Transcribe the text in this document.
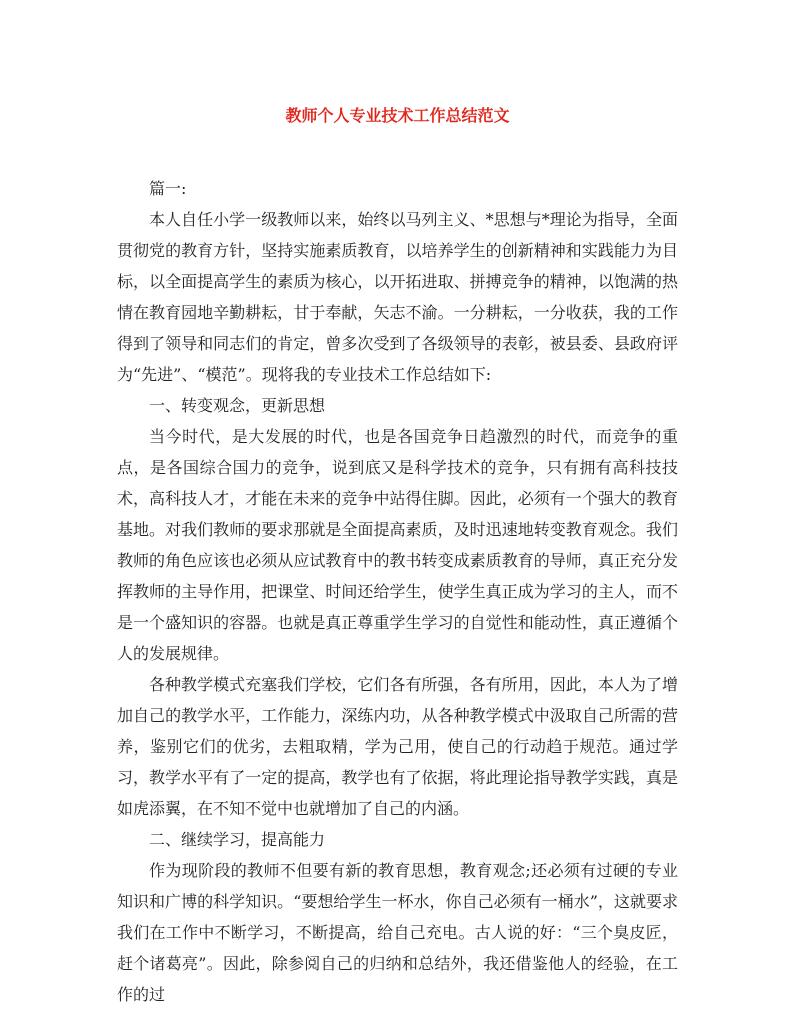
教师个人专业技术工作总结范文

篇一:

本人自任小学一级教师以来，始终以马列主义、*思想与*理论为指导，全面贯彻党的教育方针，坚持实施素质教育，以培养学生的创新精神和实践能力为目标，以全面提高学生的素质为核心，以开拓进取、拼搏竞争的精神，以饱满的热情在教育园地辛勤耕耘，甘于奉献，矢志不渝。一分耕耘，一分收获，我的工作得到了领导和同志们的肯定，曾多次受到了各级领导的表彰，被县委、县政府评为“先进”、“模范”。现将我的专业技术工作总结如下:

一、转变观念，更新思想

当今时代，是大发展的时代，也是各国竞争日趋激烈的时代，而竞争的重点，是各国综合国力的竞争，说到底又是科学技术的竞争，只有拥有高科技技术，高科技人才，才能在未来的竞争中站得住脚。因此，必须有一个强大的教育基地。对我们教师的要求那就是全面提高素质，及时迅速地转变教育观念。我们教师的角色应该也必须从应试教育中的教书转变成素质教育的导师，真正充分发挥教师的主导作用，把课堂、时间还给学生，使学生真正成为学习的主人，而不是一个盛知识的容器。也就是真正尊重学生学习的自觉性和能动性，真正遵循个人的发展规律。

各种教学模式充塞我们学校，它们各有所强，各有所用，因此，本人为了增加自己的教学水平，工作能力，深练内功，从各种教学模式中汲取自己所需的营养，鉴别它们的优劣，去粗取精，学为己用，使自己的行动趋于规范。通过学习，教学水平有了一定的提高，教学也有了依据，将此理论指导教学实践，真是如虎添翼，在不知不觉中也就增加了自己的内涵。

二、继续学习，提高能力

作为现阶段的教师不但要有新的教育思想，教育观念;还必须有过硬的专业知识和广博的科学知识。“要想给学生一杯水，你自己必须有一桶水”，这就要求我们在工作中不断学习，不断提高，给自己充电。古人说的好：“三个臭皮匠，赶个诸葛亮”。因此，除参阅自己的归纳和总结外，我还借鉴他人的经验，在工作的过
